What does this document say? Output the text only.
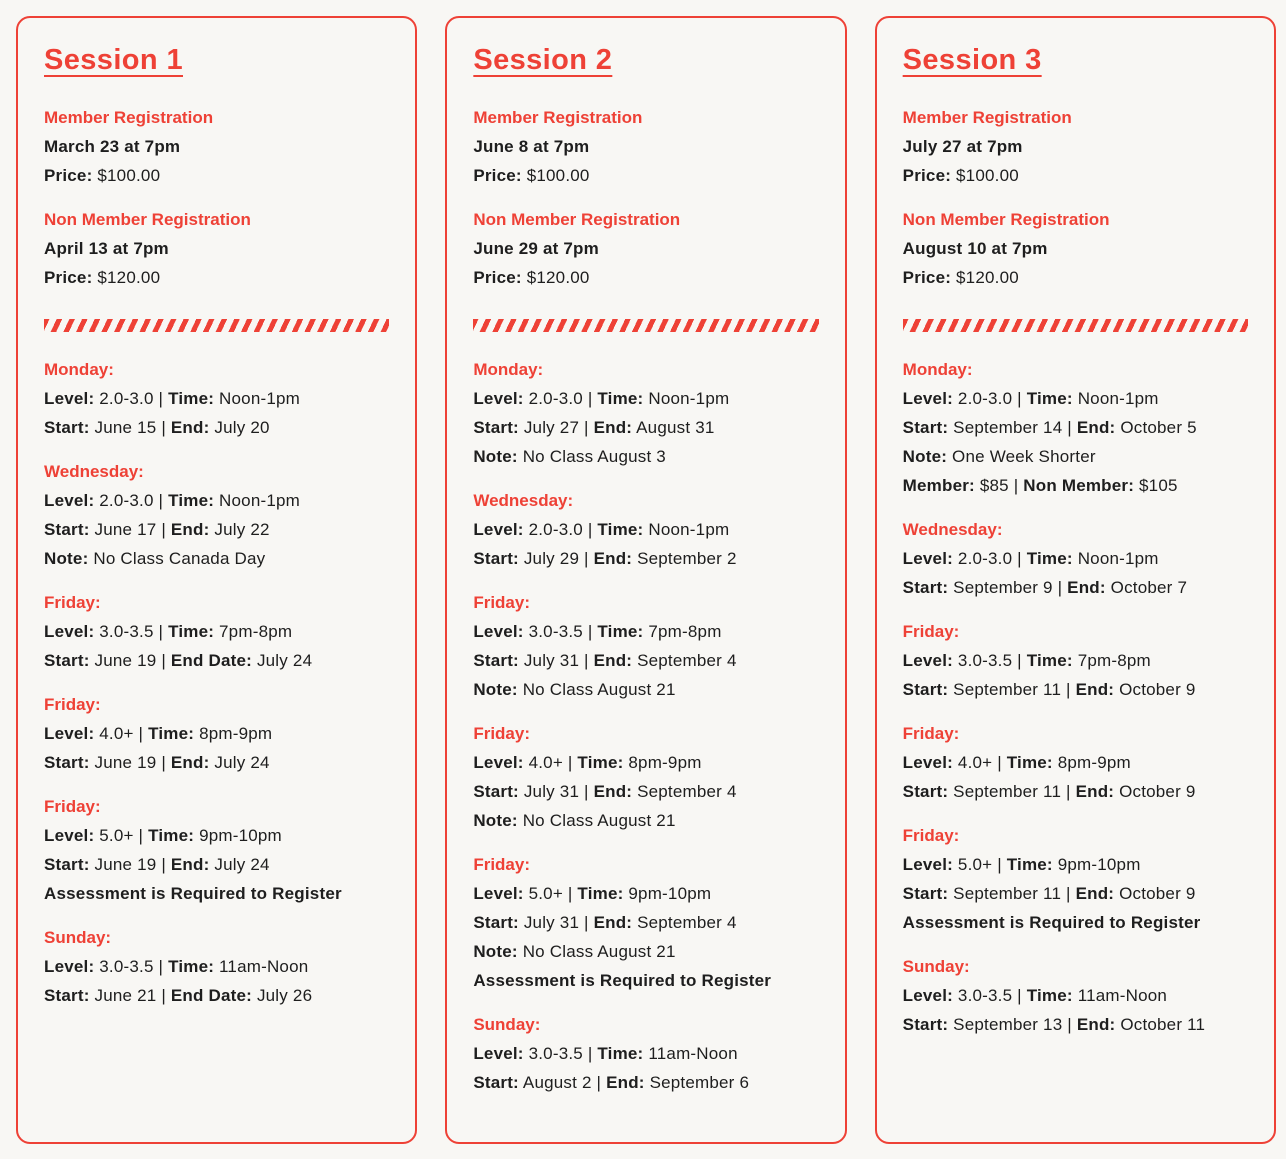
Session 1
Member Registration

March 23 at 7pm

Price: $100.00

Non Member Registration

April 13 at 7pm

Price: $120.00

Monday:

Level: 2.0-3.0 | Time: Noon-1pm

Start: June 15 | End: July 20

Wednesday:

Level: 2.0-3.0 | Time: Noon-1pm

Start: June 17 | End: July 22

Note: No Class Canada Day

Friday:

Level: 3.0-3.5 | Time: 7pm-8pm

Start: June 19 | End Date: July 24

Friday:

Level: 4.0+ | Time: 8pm-9pm

Start: June 19 | End: July 24

Friday:

Level: 5.0+ | Time: 9pm-10pm

Start: June 19 | End: July 24

Assessment is Required to Register

Sunday:

Level: 3.0-3.5 | Time: 11am-Noon

Start: June 21 | End Date: July 26

Session 2
Member Registration

June 8 at 7pm

Price: $100.00

Non Member Registration

June 29 at 7pm

Price: $120.00

Monday:

Level: 2.0-3.0 | Time: Noon-1pm

Start: July 27 | End: August 31

Note: No Class August 3

Wednesday:

Level: 2.0-3.0 | Time: Noon-1pm

Start: July 29 | End: September 2

Friday:

Level: 3.0-3.5 | Time: 7pm-8pm

Start: July 31 | End: September 4

Note: No Class August 21

Friday:

Level: 4.0+ | Time: 8pm-9pm

Start: July 31 | End: September 4

Note: No Class August 21

Friday:

Level: 5.0+ | Time: 9pm-10pm

Start: July 31 | End: September 4

Note: No Class August 21

Assessment is Required to Register

Sunday:

Level: 3.0-3.5 | Time: 11am-Noon

Start: August 2 | End: September 6

Session 3
Member Registration

July 27 at 7pm

Price: $100.00

Non Member Registration

August 10 at 7pm

Price: $120.00

Monday:

Level: 2.0-3.0 | Time: Noon-1pm

Start: September 14 | End: October 5

Note: One Week Shorter

Member: $85 | Non Member: $105

Wednesday:

Level: 2.0-3.0 | Time: Noon-1pm

Start: September 9 | End: October 7

Friday:

Level: 3.0-3.5 | Time: 7pm-8pm

Start: September 11 | End: October 9

Friday:

Level: 4.0+ | Time: 8pm-9pm

Start: September 11 | End: October 9

Friday:

Level: 5.0+ | Time: 9pm-10pm

Start: September 11 | End: October 9

Assessment is Required to Register

Sunday:

Level: 3.0-3.5 | Time: 11am-Noon

Start: September 13 | End: October 11
